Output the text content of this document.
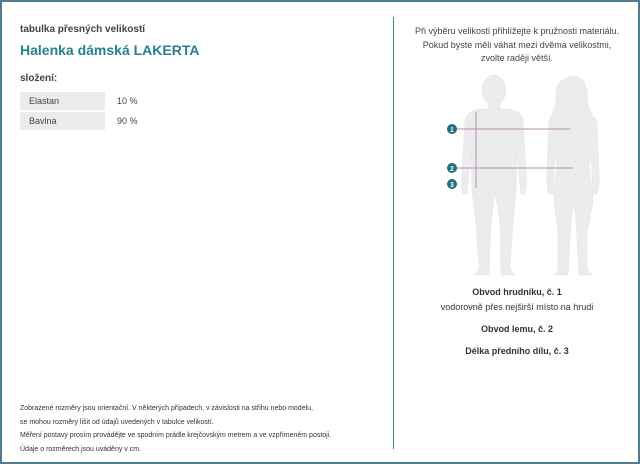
tabulka přesných velikostí
Halenka dámská LAKERTA
složení:
Elastan	10 %
Bavlna	90 %
Zobrazené rozměry jsou orientační. V některých případech, v závislosti na střihu nebo modelu,
se mohou rozměry lišit od údajů uvedených v tabulce velikostí.
Měření postavy prosím provádějte ve spodním prádle krejčovským metrem a ve vzpřímeném postoji.
Údaje o rozměrech jsou uváděny v cm.
Při výběru velikosti přihlížejte k pružnosti materiálu.
Pokud byste měli váhat mezi dvěma velikostmi,
zvolte raději větší.
1
2
3
Obvod hrudníku, č. 1
vodorovně přes nejširší místo na hrudi
Obvod lemu, č. 2
Délka předního dílu, č. 3
